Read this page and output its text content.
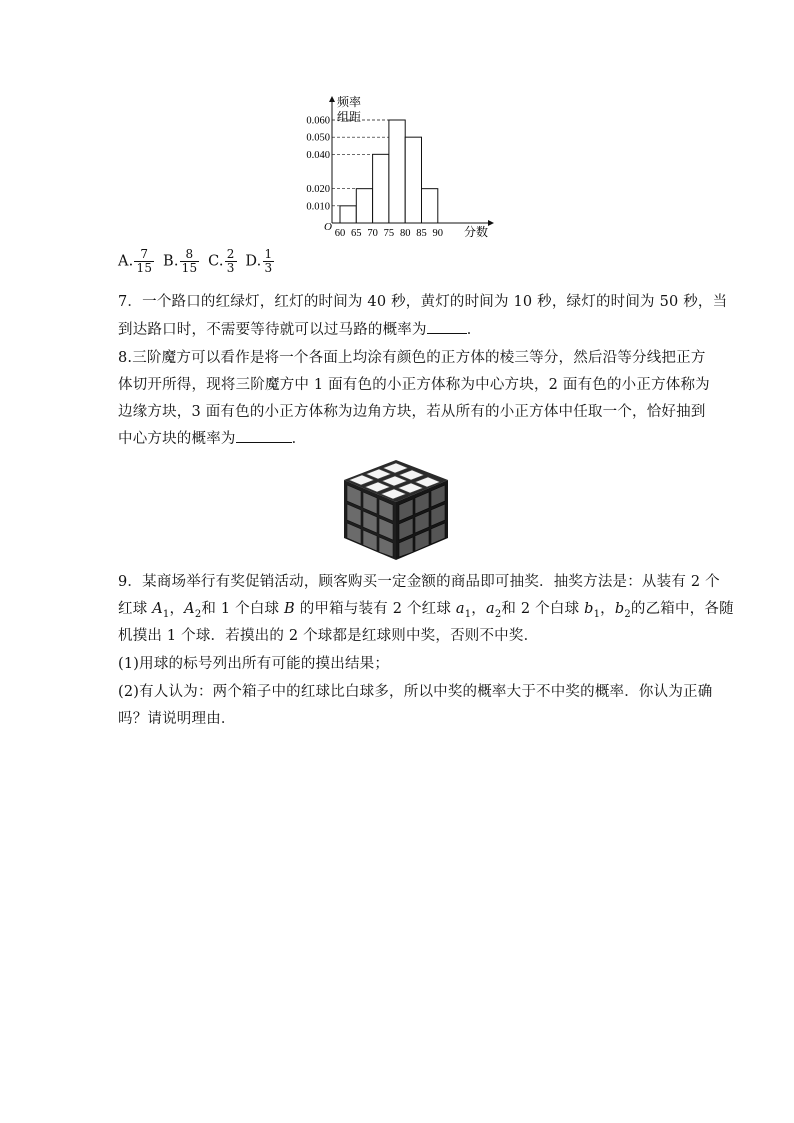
0.060
0.050
0.040
0.020
0.010
60 65 70 75 80 85 90
频率
组距
分数
O
A. $\frac{7}{15} B$. $\frac{8}{15} C$. $\frac{2}{3} D$. $\frac{1}{3}$
7．一个路口的红绿灯，红灯的时间为 40 秒，黄灯的时间为 10 秒，绿灯的时间为 50 秒，当
到达路口时，不需要等待就可以过马路的概率为	．
8.三阶魔方可以看作是将一个各面上均涂有颜色的正方体的棱三等分，然后沿等分线把正方
体切开所得，现将三阶魔方中 1 面有色的小正方体称为中心方块，2 面有色的小正方体称为
边缘方块，3 面有色的小正方体称为边角方块，若从所有的小正方体中任取一个，恰好抽到
中心方块的概率为	．
9．某商场举行有奖促销活动，顾客购买一定金额的商品即可抽奖．抽奖方法是：从装有 2 个
红球 $A_1$，$A_2$和 1 个白球 B 的甲箱与装有 2 个红球 $a_1$，$a_2$和 2 个白球 $b_1$，$b_2$的乙箱中，各随
机摸出 1 个球．若摸出的 2 个球都是红球则中奖，否则不中奖．
(1)用球的标号列出所有可能的摸出结果；
(2)有人认为：两个箱子中的红球比白球多，所以中奖的概率大于不中奖的概率．你认为正确
吗？请说明理由．
